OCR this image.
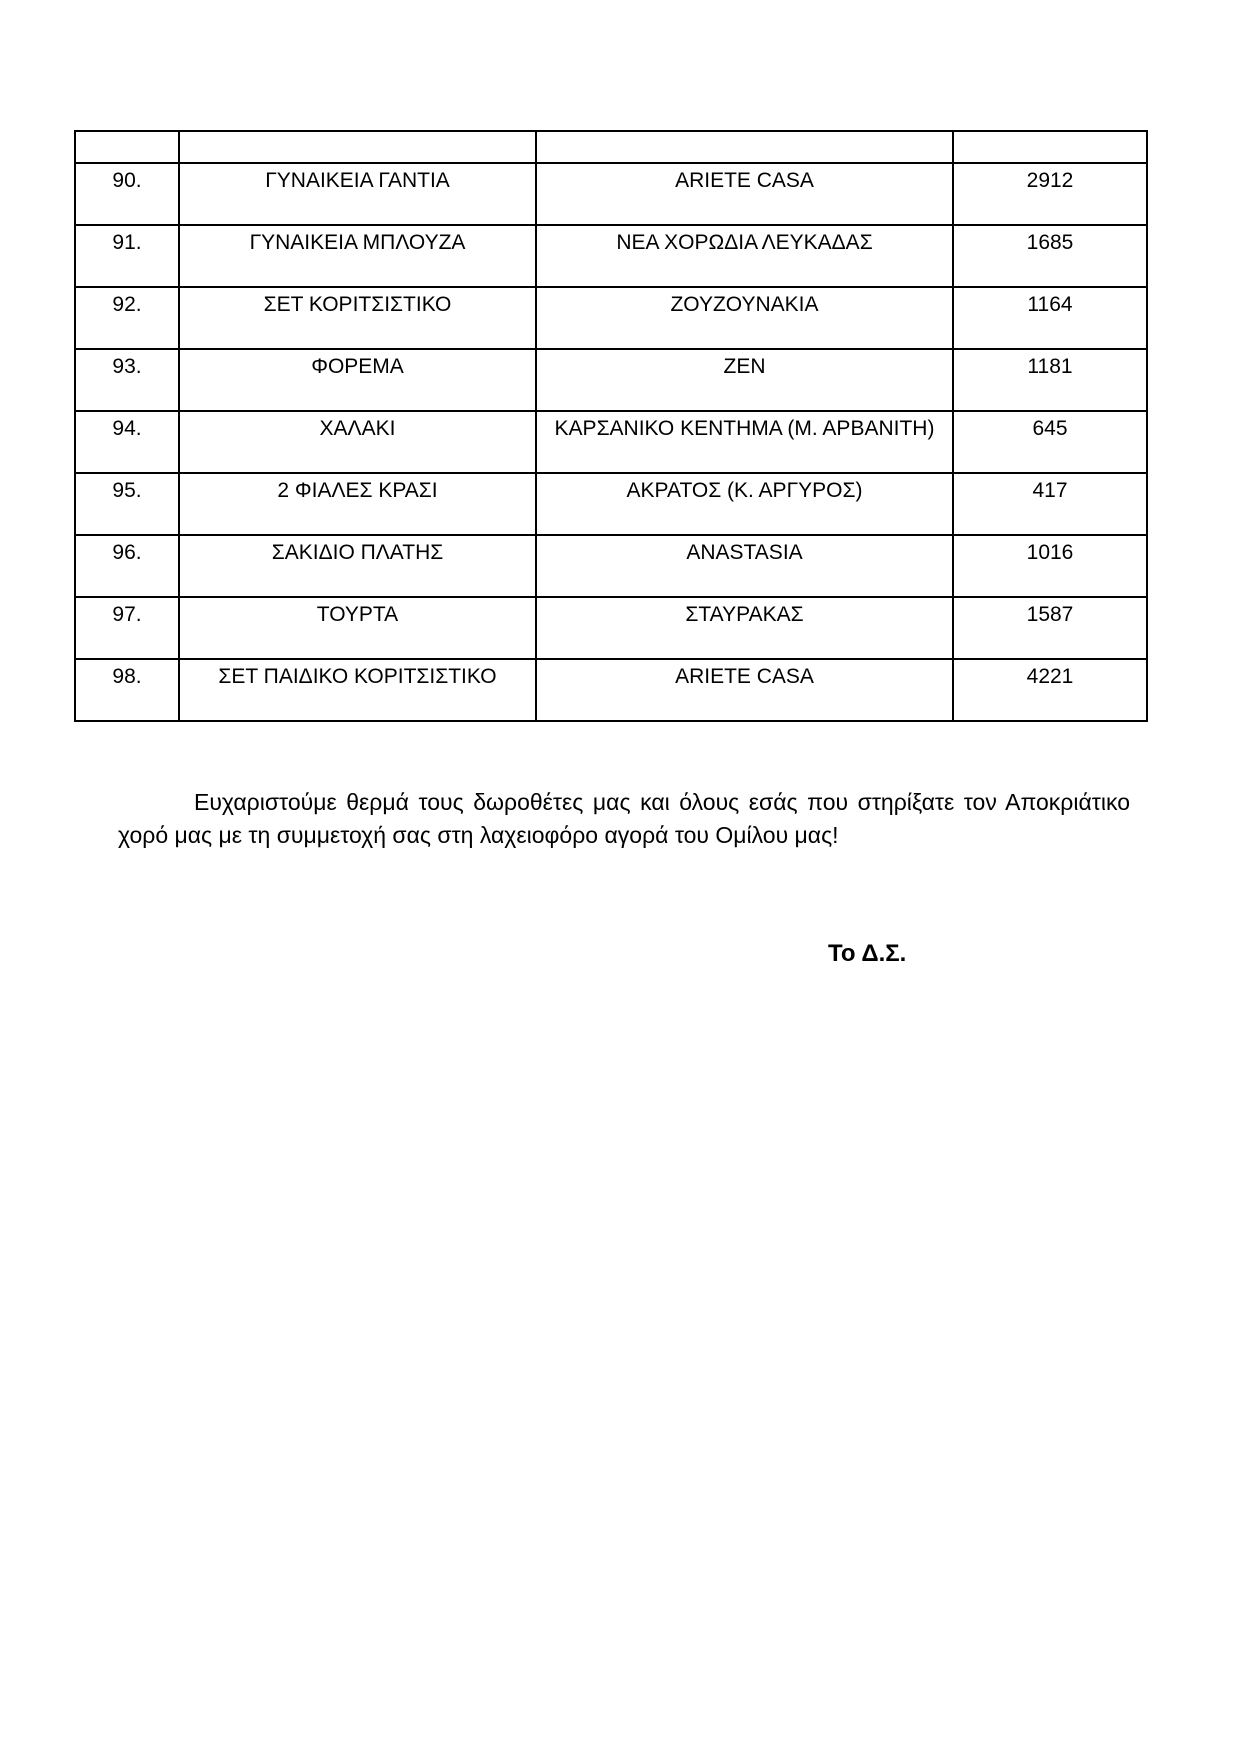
90.	ΓΥΝΑΙΚΕΙΑ ΓΑΝΤΙΑ	ARIETE CASA	2912
91.	ΓΥΝΑΙΚΕΙΑ ΜΠΛΟΥΖΑ	ΝΕΑ ΧΟΡΩΔΙΑ ΛΕΥΚΑΔΑΣ	1685
92.	ΣΕΤ ΚΟΡΙΤΣΙΣΤΙΚΟ	ΖΟΥΖΟΥΝΑΚΙΑ	1164
93.	ΦΟΡΕΜΑ	ΖΕΝ	1181
94.	ΧΑΛΑΚΙ	ΚΑΡΣΑΝΙΚΟ ΚΕΝΤΗΜΑ (Μ. ΑΡΒΑΝΙΤΗ)	645
95.	2 ΦΙΑΛΕΣ ΚΡΑΣΙ	ΑΚΡΑΤΟΣ (Κ. ΑΡΓΥΡΟΣ)	417
96.	ΣΑΚΙΔΙΟ ΠΛΑΤΗΣ	ANASTASIA	1016
97.	ΤΟΥΡΤΑ	ΣΤΑΥΡΑΚΑΣ	1587
98.	ΣΕΤ ΠΑΙΔΙΚΟ ΚΟΡΙΤΣΙΣΤΙΚΟ	ARIETE CASA	4221

Ευχαριστούμε θερμά τους δωροθέτες μας και όλους εσάς που στηρίξατε τον Αποκριάτικο χορό μας με τη συμμετοχή σας στη λαχειοφόρο αγορά του Ομίλου μας!

Το Δ.Σ.
